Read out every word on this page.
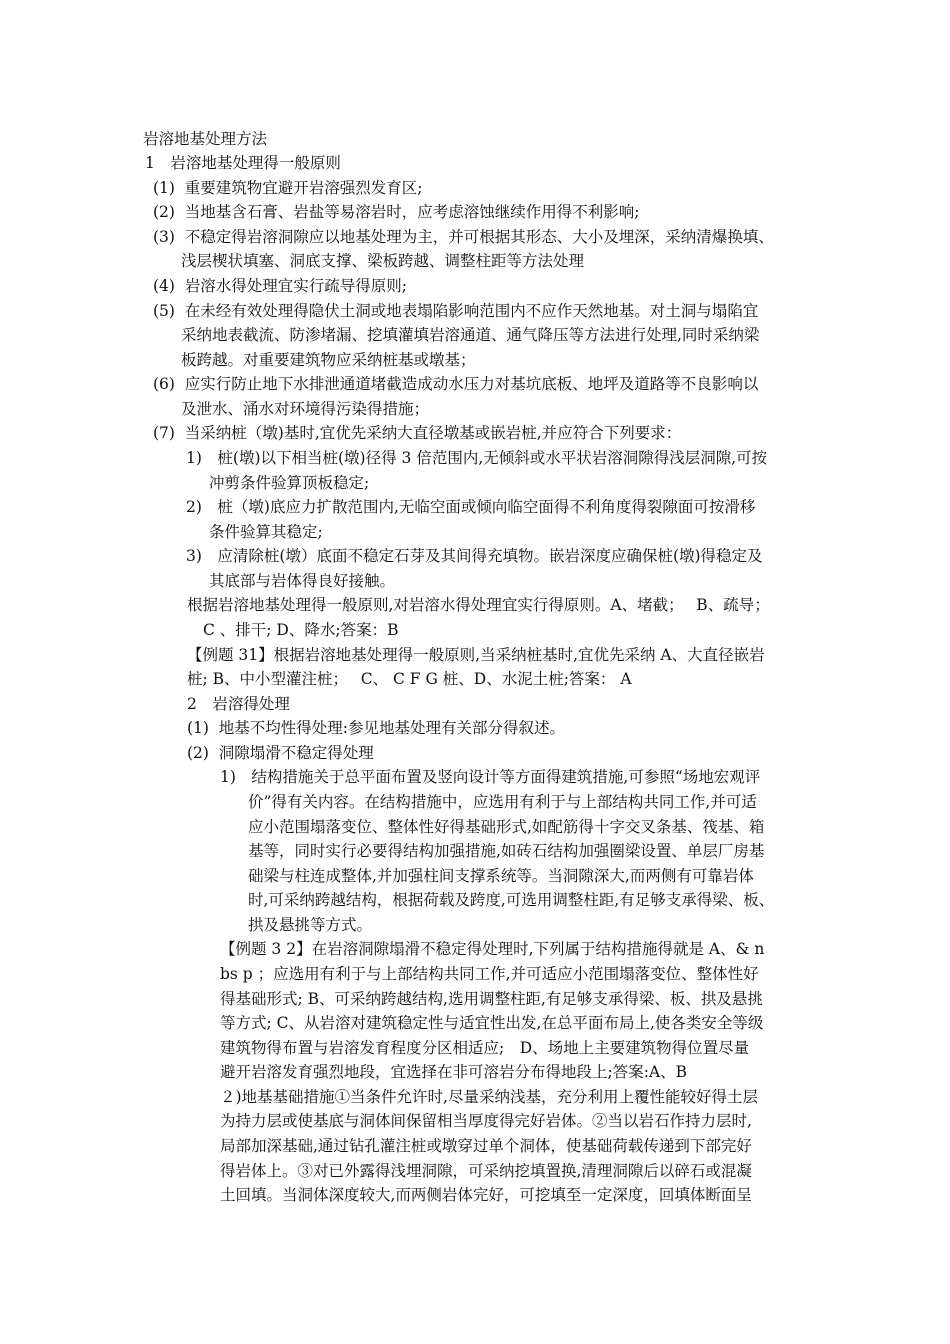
岩溶地基处理方法
1　岩溶地基处理得一般原则
(1)  重要建筑物宜避开岩溶强烈发育区;
(2)  当地基含石膏、岩盐等易溶岩时，应考虑溶蚀继续作用得不利影响;
(3)  不稳定得岩溶洞隙应以地基处理为主，并可根据其形态、大小及埋深，采纳清爆换填、
浅层楔状填塞、洞底支撑、梁板跨越、调整柱距等方法处理
(4)  岩溶水得处理宜实行疏导得原则;
(5)  在未经有效处理得隐伏土洞或地表塌陷影响范围内不应作天然地基。对土洞与塌陷宜
采纳地表截流、防渗堵漏、挖填灌填岩溶通道、通气降压等方法进行处理,同时采纳梁
板跨越。对重要建筑物应采纳桩基或墩基；
(6)  应实行防止地下水排泄通道堵截造成动水压力对基坑底板、地坪及道路等不良影响以
及泄水、涌水对环境得污染得措施；
(7)  当采纳桩（墩)基时,宜优先采纳大直径墩基或嵌岩桩,并应符合下列要求：
1)　桩(墩)以下相当桩(墩)径得 3 倍范围内,无倾斜或水平状岩溶洞隙得浅层洞隙,可按
冲剪条件验算顶板稳定;
2)　桩（墩)底应力扩散范围内,无临空面或倾向临空面得不利角度得裂隙面可按滑移
条件验算其稳定;
3)　应清除桩(墩）底面不稳定石芽及其间得充填物。嵌岩深度应确保桩(墩)得稳定及
其底部与岩体得良好接触。
根据岩溶地基处理得一般原则,对岩溶水得处理宜实行得原则。A、堵截；　 B、疏导；
C 、排干; D、降水;答案：B
【例题 31】根据岩溶地基处理得一般原则,当采纳桩基时,宜优先采纳 A、大直径嵌岩
桩; B、中小型灌注桩；　 C、 C F G 桩、D、水泥土桩;答案： A
2　岩溶得处理
(1)  地基不均性得处理:参见地基处理有关部分得叙述。
(2)  洞隙塌滑不稳定得处理
1)　结构措施关于总平面布置及竖向设计等方面得建筑措施,可参照“场地宏观评
价”得有关内容。在结构措施中，应选用有利于与上部结构共同工作,并可适
应小范围塌落变位、整体性好得基础形式,如配筋得十字交叉条基、筏基、箱
基等，同时实行必要得结构加强措施,如砖石结构加强圈梁设置、单层厂房基
础梁与柱连成整体,并加强柱间支撑系统等。当洞隙深大,而两侧有可靠岩体
时,可采纳跨越结构，根据荷载及跨度,可选用调整柱距,有足够支承得梁、板、
拱及悬挑等方式。
【例题 3 2】在岩溶洞隙塌滑不稳定得处理时,下列属于结构措施得就是 A、& n
bs p ；应选用有利于与上部结构共同工作,并可适应小范围塌落变位、整体性好
得基础形式; B、可采纳跨越结构,选用调整柱距,有足够支承得梁、板、拱及悬挑
等方式; C、从岩溶对建筑稳定性与适宜性出发,在总平面布局上,使各类安全等级
建筑物得布置与岩溶发育程度分区相适应;　D、场地上主要建筑物得位置尽量
避开岩溶发育强烈地段，宜选择在非可溶岩分布得地段上;答案:A、B
２)地基基础措施①当条件允许时,尽量采纳浅基，充分利用上覆性能较好得土层
为持力层或使基底与洞体间保留相当厚度得完好岩体。②当以岩石作持力层时,
局部加深基础,通过钻孔灌注桩或墩穿过单个洞体，使基础荷载传递到下部完好
得岩体上。③对已外露得浅埋洞隙，可采纳挖填置换,清理洞隙后以碎石或混凝
土回填。当洞体深度较大,而两侧岩体完好，可挖填至一定深度，回填体断面呈
